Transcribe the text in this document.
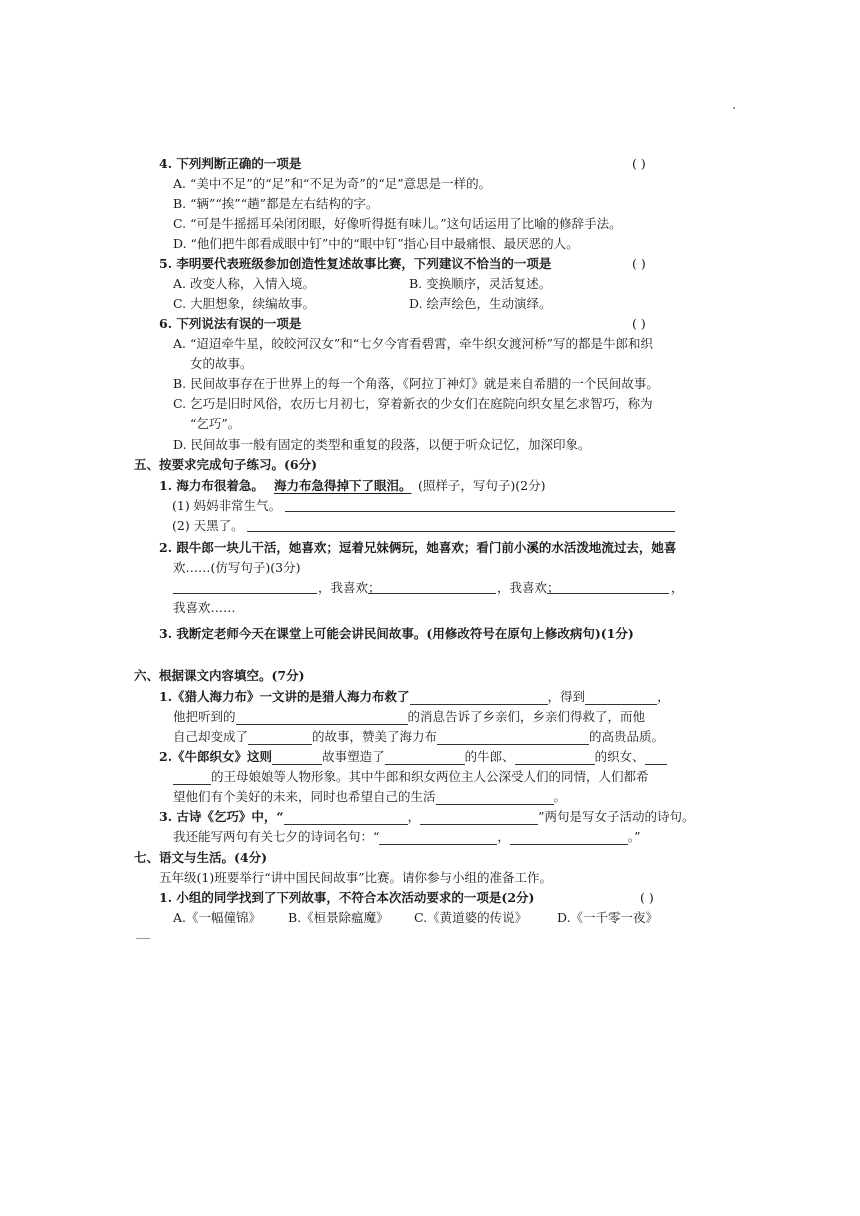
4. 下列判断正确的一项是	( )
A. “美中不足”的“足”和“不足为奇”的“足”意思是一样的。
B. “辆”“挨”“趟”都是左右结构的字。
C. “可是牛摇摇耳朵闭闭眼，好像听得挺有味儿。”这句话运用了比喻的修辞手法。
D. “他们把牛郎看成眼中钉”中的“眼中钉”指心目中最痛恨、最厌恶的人。
5. 李明要代表班级参加创造性复述故事比赛，下列建议不恰当的一项是	( )
A. 改变人称，入情入境。	B. 变换顺序，灵活复述。
C. 大胆想象，续编故事。	D. 绘声绘色，生动演绎。
6. 下列说法有误的一项是	( )
A. “迢迢牵牛星，皎皎河汉女”和“七夕今宵看碧霄，牵牛织女渡河桥”写的都是牛郎和织
女的故事。
B. 民间故事存在于世界上的每一个角落，《阿拉丁神灯》就是来自希腊的一个民间故事。
C. 乞巧是旧时风俗，农历七月初七，穿着新衣的少女们在庭院向织女星乞求智巧，称为
“乞巧”。
D. 民间故事一般有固定的类型和重复的段落，以便于听众记忆，加深印象。
五、按要求完成句子练习。(6分)
1. 海力布很着急。 海力布急得掉下了眼泪。 (照样子，写句子)(2分)
(1) 妈妈非常生气。
(2) 天黑了。
2. 跟牛郎一块儿干活，她喜欢；逗着兄妹俩玩，她喜欢；看门前小溪的水活泼地流过去，她喜
欢……(仿写句子)(3分)
，我喜欢；	，我喜欢；	，
我喜欢……
3. 我断定老师今天在课堂上可能会讲民间故事。(用修改符号在原句上修改病句)(1分)
六、根据课文内容填空。(7分)
1.《猎人海力布》一文讲的是猎人海力布救了	，得到	，
他把听到的	的消息告诉了乡亲们，乡亲们得救了，而他
自己却变成了	的故事，赞美了海力布	的高贵品质。
2.《牛郎织女》这则	故事塑造了	的牛郎、	的织女、
的王母娘娘等人物形象。其中牛郎和织女两位主人公深受人们的同情，人们都希
望他们有个美好的未来，同时也希望自己的生活	。
3. 古诗《乞巧》中，“	，	”两句是写女子活动的诗句。
我还能写两句有关七夕的诗词名句：“	，	。”
七、语文与生活。(4分)
五年级(1)班要举行“讲中国民间故事”比赛。请你参与小组的准备工作。
1. 小组的同学找到了下列故事，不符合本次活动要求的一项是(2分)	( )
A.《一幅僮锦》 B.《桓景除瘟魔》 C.《黄道婆的传说》 D.《一千零一夜》
